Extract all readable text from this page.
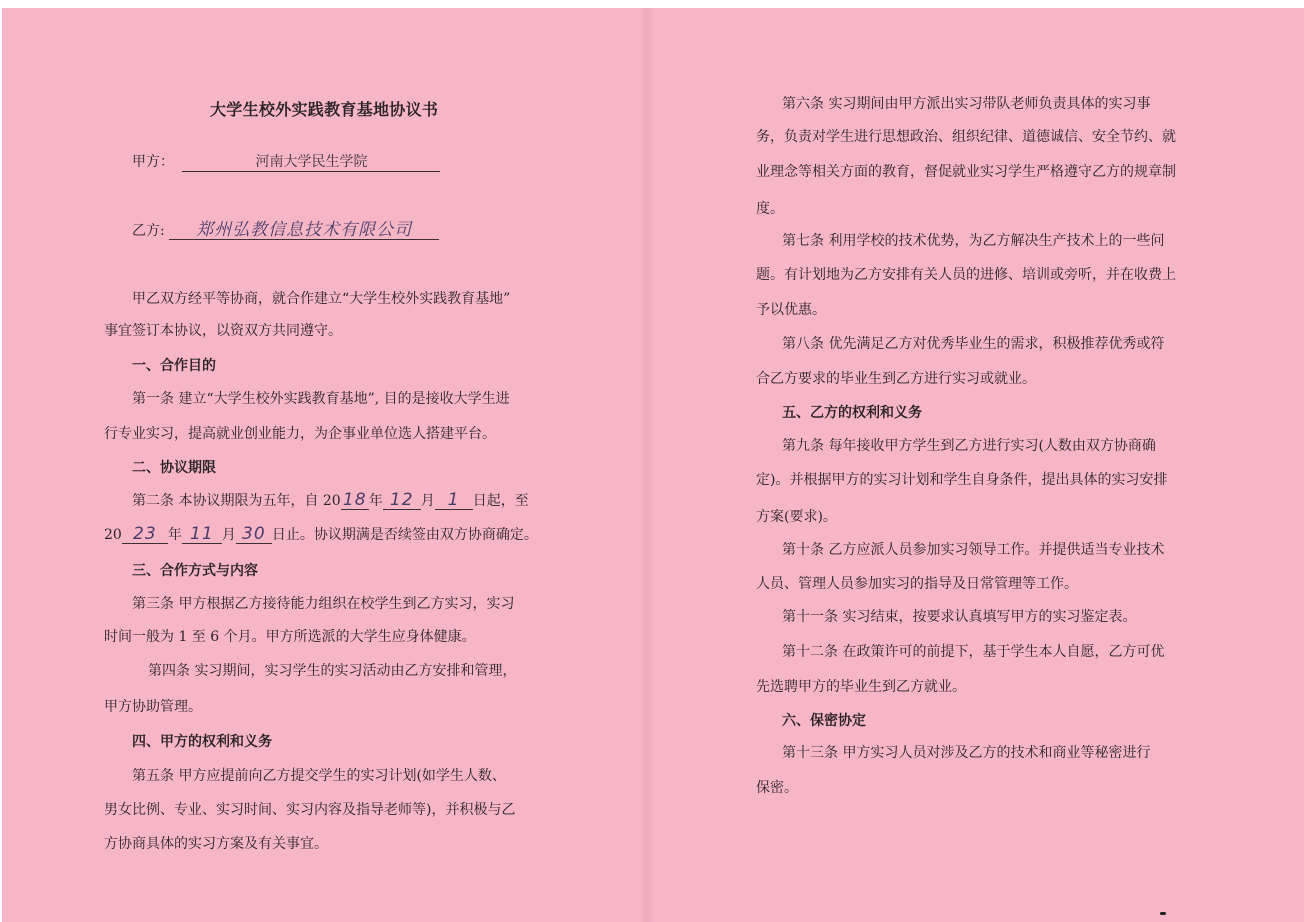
大学生校外实践教育基地协议书
甲方：	河南大学民生学院
乙方: 郑州弘教信息技术有限公司
甲乙双方经平等协商，就合作建立“大学生校外实践教育基地”
事宜签订本协议，以资双方共同遵守。
一、合作目的
第一条 建立“大学生校外实践教育基地”, 目的是接收大学生进
行专业实习，提高就业创业能力，为企事业单位选人搭建平台。
二、协议期限
第二条 本协议期限为五年，自 20 18 年 12 月 1 日起，至
20 23 年 11 月 30 日止。协议期满是否续签由双方协商确定。
三、合作方式与内容
第三条 甲方根据乙方接待能力组织在校学生到乙方实习，实习
时间一般为 1 至 6 个月。甲方所选派的大学生应身体健康。
第四条 实习期间，实习学生的实习活动由乙方安排和管理，
甲方协助管理。
四、甲方的权利和义务
第五条 甲方应提前向乙方提交学生的实习计划(如学生人数、
男女比例、专业、实习时间、实习内容及指导老师等)，并积极与乙
方协商具体的实习方案及有关事宜。
第六条 实习期间由甲方派出实习带队老师负责具体的实习事
务，负责对学生进行思想政治、组织纪律、道德诚信、安全节约、就
业理念等相关方面的教育，督促就业实习学生严格遵守乙方的规章制
度。
第七条 利用学校的技术优势，为乙方解决生产技术上的一些问
题。有计划地为乙方安排有关人员的进修、培训或旁听，并在收费上
予以优惠。
第八条 优先满足乙方对优秀毕业生的需求，积极推荐优秀或符
合乙方要求的毕业生到乙方进行实习或就业。
五、乙方的权利和义务
第九条 每年接收甲方学生到乙方进行实习(人数由双方协商确
定)。并根据甲方的实习计划和学生自身条件，提出具体的实习安排
方案(要求)。
第十条 乙方应派人员参加实习领导工作。并提供适当专业技术
人员、管理人员参加实习的指导及日常管理等工作。
第十一条 实习结束，按要求认真填写甲方的实习鉴定表。
第十二条 在政策许可的前提下，基于学生本人自愿，乙方可优
先选聘甲方的毕业生到乙方就业。
六、保密协定
第十三条 甲方实习人员对涉及乙方的技术和商业等秘密进行
保密。
